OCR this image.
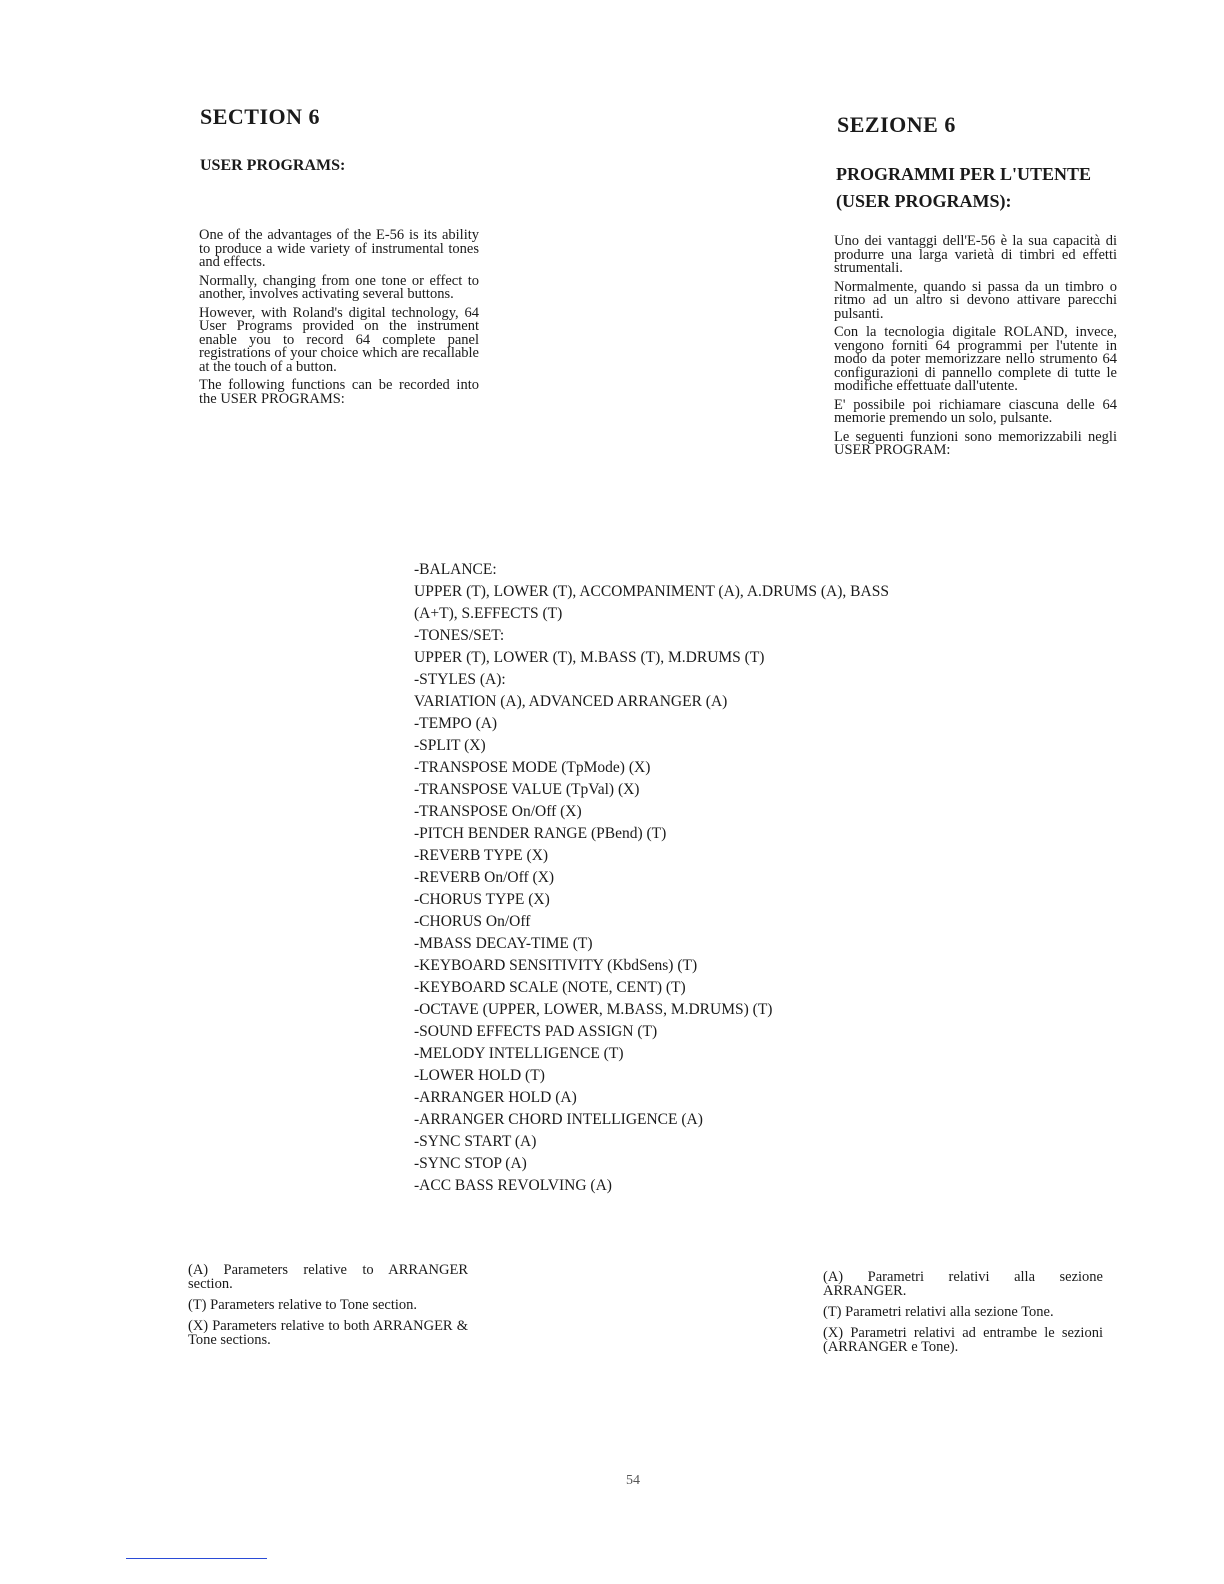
SECTION 6
USER PROGRAMS:

One of the advantages of the E-56 is its ability to produce a wide variety of instrumental tones and effects.

Normally, changing from one tone or effect to another, involves activating several buttons.

However, with Roland's digital technology, 64 User Programs provided on the instrument enable you to record 64 complete panel registrations of your choice which are recallable at the touch of a button.

The following functions can be recorded into the USER PROGRAMS:

SEZIONE 6
PROGRAMMI PER L'UTENTE
(USER PROGRAMS):

Uno dei vantaggi dell'E-56 è la sua capacità di produrre una larga varietà di timbri ed effetti strumentali.

Normalmente, quando si passa da un timbro o ritmo ad un altro si devono attivare parecchi pulsanti.

Con la tecnologia digitale ROLAND, invece, vengono forniti 64 programmi per l'utente in modo da poter memorizzare nello strumento 64 configurazioni di pannello complete di tutte le modifiche effettuate dall'utente.

E' possibile poi richiamare ciascuna delle 64 memorie premendo un solo, pulsante.

Le seguenti funzioni sono memorizzabili negli USER PROGRAM:

-BALANCE:
UPPER (T), LOWER (T), ACCOMPANIMENT (A), A.DRUMS (A), BASS
(A+T), S.EFFECTS (T)
-TONES/SET:
UPPER (T), LOWER (T), M.BASS (T), M.DRUMS (T)
-STYLES (A):
VARIATION (A), ADVANCED ARRANGER (A)
-TEMPO (A)
-SPLIT (X)
-TRANSPOSE MODE (TpMode) (X)
-TRANSPOSE VALUE (TpVal) (X)
-TRANSPOSE On/Off (X)
-PITCH BENDER RANGE (PBend) (T)
-REVERB TYPE (X)
-REVERB On/Off (X)
-CHORUS TYPE (X)
-CHORUS On/Off
-MBASS DECAY-TIME (T)
-KEYBOARD SENSITIVITY (KbdSens) (T)
-KEYBOARD SCALE (NOTE, CENT) (T)
-OCTAVE (UPPER, LOWER, M.BASS, M.DRUMS) (T)
-SOUND EFFECTS PAD ASSIGN (T)
-MELODY INTELLIGENCE (T)
-LOWER HOLD (T)
-ARRANGER HOLD (A)
-ARRANGER CHORD INTELLIGENCE (A)
-SYNC START (A)
-SYNC STOP (A)
-ACC BASS REVOLVING (A)

(A) Parameters relative to ARRANGER section.

(T) Parameters relative to Tone section.

(X) Parameters relative to both ARRANGER & Tone sections.

(A) Parametri relativi alla sezione ARRANGER.

(T) Parametri relativi alla sezione Tone.

(X) Parametri relativi ad entrambe le sezioni (ARRANGER e Tone).

54
